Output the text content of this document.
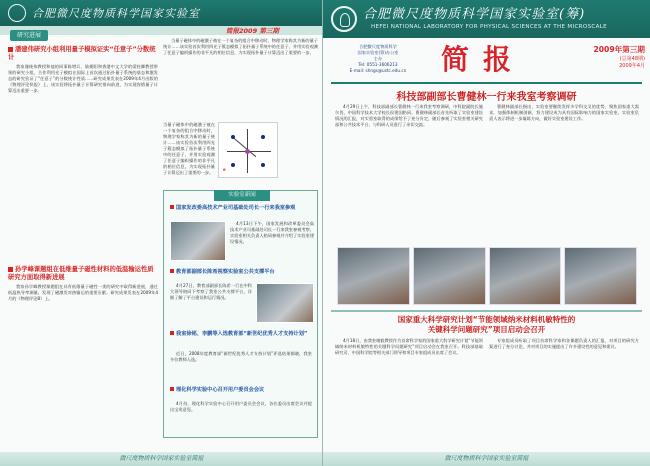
合肥微尺度物质科学国家实验室
简报2009 第三期
研究进展
潘建伟研究小组利用量子模拟证实“任意子”分数统计
我家谨使伟教授和他的同事陈增兵、陆朝阳和香港中文大学的梁柱卿教授带领的研究小组，合作利用光子模拟在国际上首次通过拓扑量子系统的基态和激发态的研究验证了“任意子”的分数统计性质……研究成果发表在2009年4月出版的《物理评论快报》上。该实验将拓扑量子计算研究推向前进，为实现容错量子计算迈出重要一步。
孙学峰课题组在低维量子磁性材料的低温输运性质研究方面取得新进展
我家孙学峰教授课题组在具有低维量子磁性一类的研究中取得新进展，通过低温热导率测量，发现了磁激发对热输运的重要贡献。研究成果发表在2009年4月的《物理评论B》上。
当量子磁体中的磁激子被在一个复杂的组合中移动时，物理学家称其为新的量子统计……该实验首次利用四光子簇态模拟了拓扑量子系统中的任意子，并用实验观测了任意子编织操作的非平凡的相位信息，为实现拓扑量子计算迈出了重要的一步。
当量子磁体中的磁激子被在一个复杂的组合中移动时，物理学家称其为新的量子统计……该实验首次利用四光子簇态模拟了拓扑量子系统中的任意子，并用实验观测了任意子编织操作的非平凡的相位信息，为实现拓扑量子计算迈出了重要的一步。
e
实验室新闻
国家发改委高技术产业司基础处司长一行来我室参观
4月13日下午，国家发展和改革委员会高技术产业司基础处司长一行来我室参观考察，实验室相关负责人陪同参观并介绍了实验室建设情况。
教育部副部长陈希视察实验室公共支撑平台
4月27日，教育部副部长陈希一行在中科大领导陪同下考察了我室公共支撑平台，详细了解了平台建设和运行情况。
我室徐铭、李鹏等入选教育部“新世纪优秀人才支持计划”
近日，2008年度教育部“新世纪优秀人才支持计划”评选结果揭晓，我室多位教师入选。
理化科学实验中心召开用户委员会会议
4月份，理化科学实验中心召开用户委员会会议，各位委员出席会议并提出宝贵意见。
微尺度物质科学国家实验室简报
合肥微尺度物质科学国家实验室(筹)
HEFEI NATIONAL LABORATORY FOR PHYSICAL SCIENCES AT THE MICROSCALE
合肥微尺度物质科学
国家实验室(筹)办公室
主办
Tel: 0551-3606213
E-mail: shngs@ustc.edu.cn	简报	2009年第三期
(总第48期)
2009年4月
科技部副部长曹健林一行来我室考察调研
4月29日上午，科技部副部长曹健林一行来我室考察调研，中科院副院长施尔畏、中国科学技术大学校长侯建国陪同。曹健林副部长首先听取了实验室建设情况的汇报，对实验室取得的成绩给予了充分肯定，随后参观了实验室相关研究部和公共技术平台，与科研人员进行了亲切交流。
曹健林副部长指出，实验室要继续发挥多学科交叉的优势，聚焦国家重大需求，加强体制机制创新，努力建设成为具有国际影响力的国家实验室。实验室负责人表示将进一步凝练方向，做好实验室建设工作。
国家重大科学研究计划“节能领域纳米材料机敏特性的
关键科学问题研究”项目启动会召开
4月18日，由我室谢毅教授作为首席科学家的国家重大科学研究计划“节能领域纳米材料机敏特性的关键科学问题研究”项目启动会在我室召开。科技部基础研究司、中国科学院等相关部门领导和项目专家组成员出席了会议。
专家组成员听取了项目首席科学家和各课题负责人的汇报，对项目的研究方案进行了充分讨论，并对项目的实施提出了许多建设性的意见和建议。
微尺度物质科学国家实验室简报
